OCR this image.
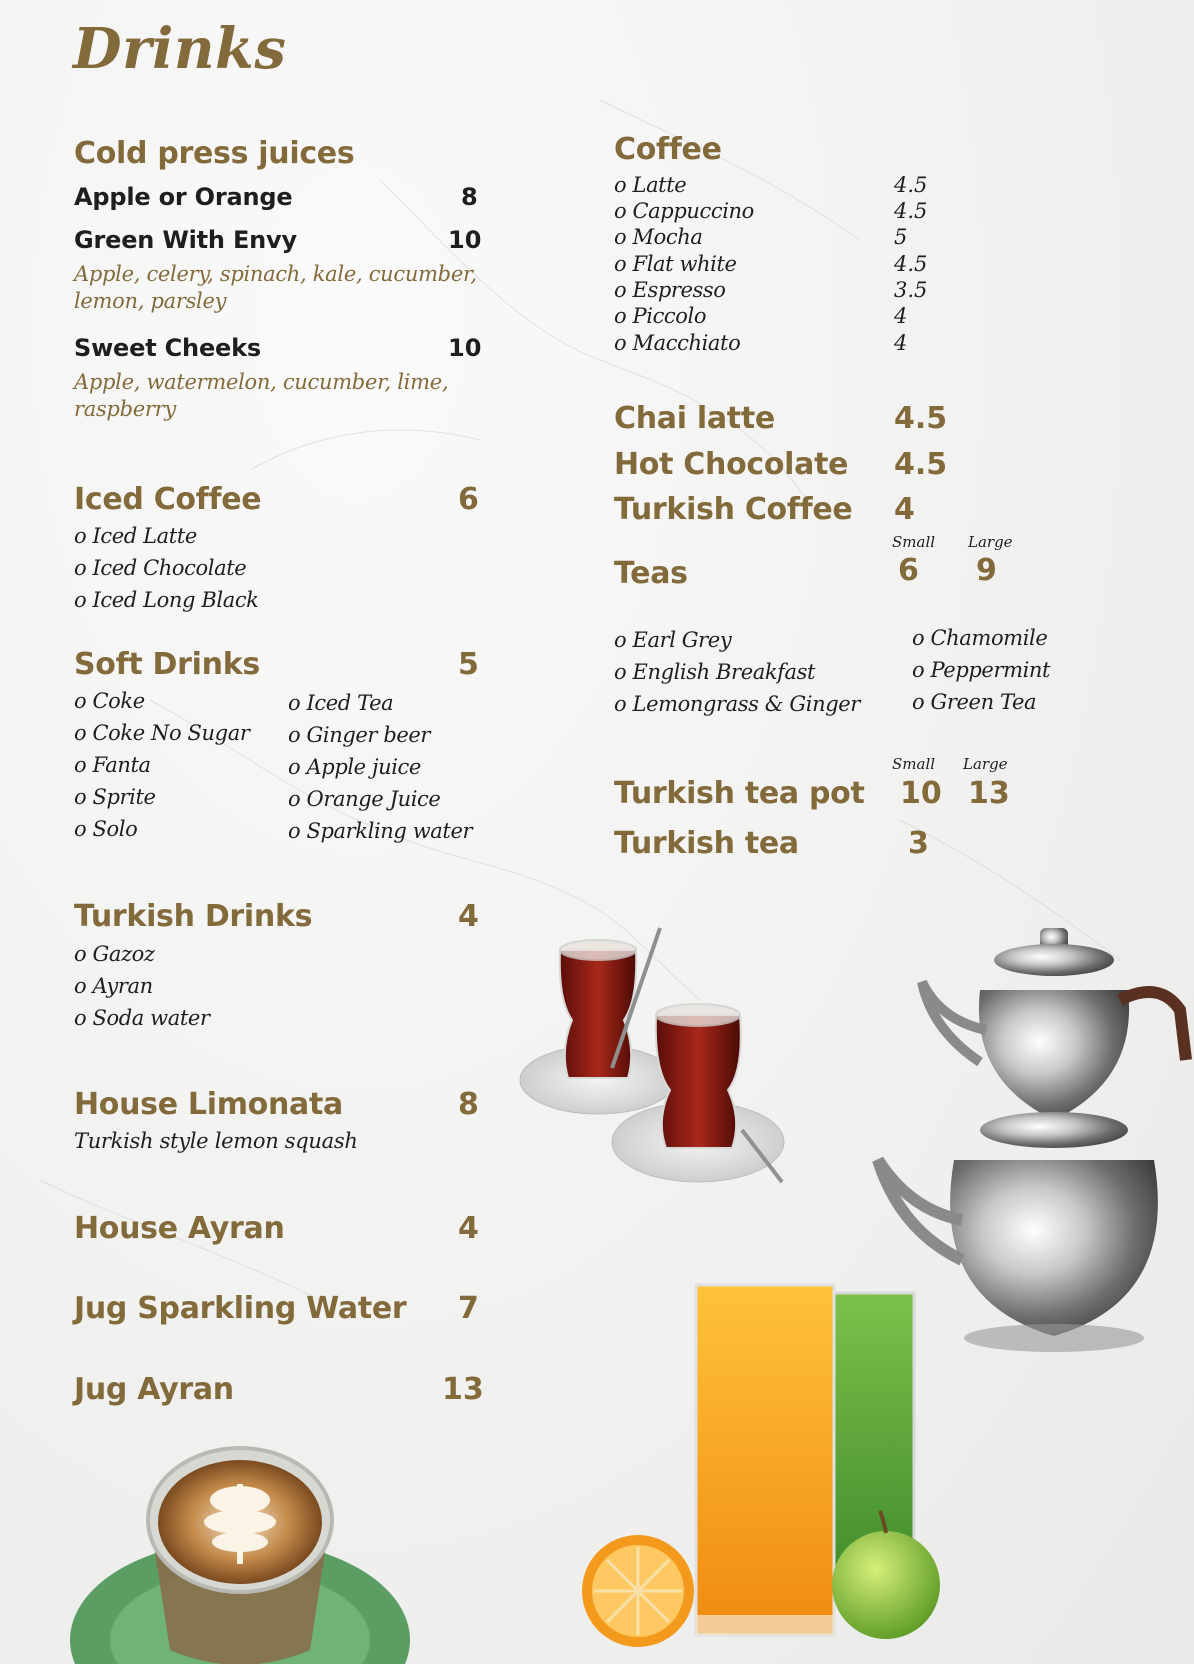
Drinks
Cold press juices
Apple or Orange	8
Green With Envy	10
Apple, celery, spinach, kale, cucumber,
lemon, parsley
Sweet Cheeks	10
Apple, watermelon, cucumber, lime,
raspberry
Iced Coffee	6
o Iced Latte
o Iced Chocolate
o Iced Long Black
Soft Drinks	5
o Coke
o Coke No Sugar
o Fanta
o Sprite
o Solo
o Iced Tea
o Ginger beer
o Apple juice
o Orange Juice
o Sparkling water
Turkish Drinks	4
o Gazoz
o Ayran
o Soda water
House Limonata	8
Turkish style lemon squash
House Ayran	4
Jug Sparkling Water 7
Jug Ayran	13
Coffee
o Latte	4.5
o Cappuccino	4.5
o Mocha	5
o Flat white	4.5
o Espresso	3.5
o Piccolo	4
o Macchiato	4
Chai latte	4.5
Hot Chocolate 4.5
Turkish Coffee 4
Small Large
Teas	6 9
o Earl Grey
o English Breakfast
o Lemongrass & Ginger
o Chamomile
o Peppermint
o Green Tea
Small Large
Turkish tea pot 10 13
Turkish tea	3
